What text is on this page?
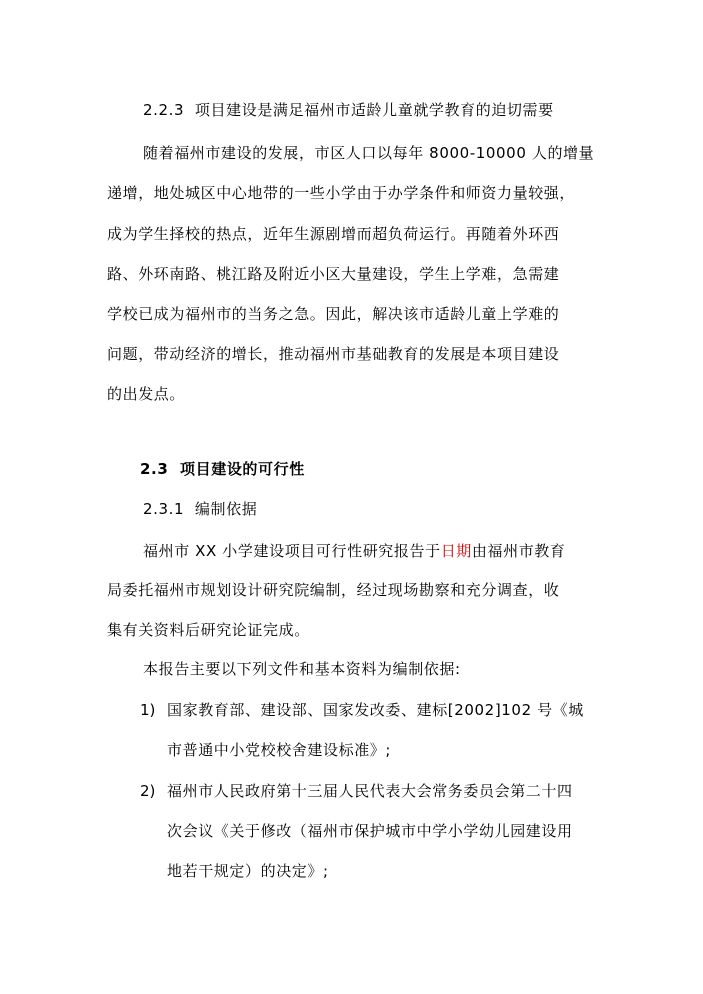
2.2.3 项目建设是满足福州市适龄儿童就学教育的迫切需要
随着福州市建设的发展，市区人口以每年 8000-10000 人的增量
递增，地处城区中心地带的一些小学由于办学条件和师资力量较强，
成为学生择校的热点，近年生源剧增而超负荷运行。再随着外环西
路、外环南路、桃江路及附近小区大量建设，学生上学难，急需建
学校已成为福州市的当务之急。因此，解决该市适龄儿童上学难的
问题，带动经济的增长，推动福州市基础教育的发展是本项目建设
的出发点。
2.3 项目建设的可行性
2.3.1 编制依据
福州市 XX 小学建设项目可行性研究报告于日期由福州市教育
局委托福州市规划设计研究院编制，经过现场勘察和充分调查，收
集有关资料后研究论证完成。
本报告主要以下列文件和基本资料为编制依据:
1) 国家教育部、建设部、国家发改委、建标[2002]102 号《城
市普通中小党校校舍建设标准》;
2) 福州市人民政府第十三届人民代表大会常务委员会第二十四
次会议《关于修改（福州市保护城市中学小学幼儿园建设用
地若干规定）的决定》;
